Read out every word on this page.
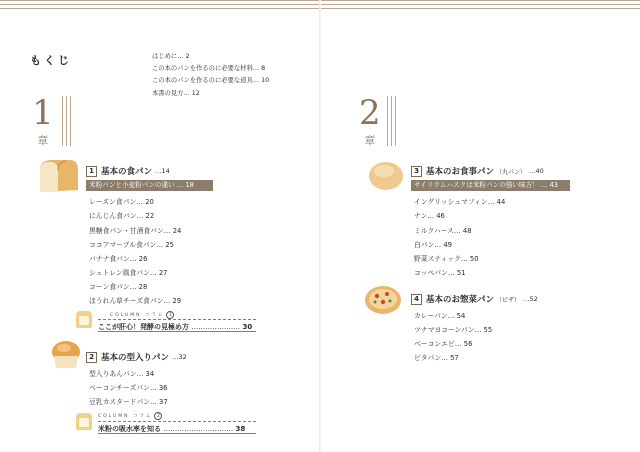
もくじ	はじめに… 2
この本のパンを作るのに必要な材料… 8
この本のパンを作るのに必要な道具… 10
本書の見方… 12
1
章
1 基本の食パン …14
米粉パンと小麦粉パンの違い … 18
レーズン食パン… 20
にんじん食パン… 22
黒糖食パン・甘酒食パン… 24
ココアマーブル食パン… 25
バナナ食パン… 26
シュトレン風食パン… 27
コーン食パン… 28
ほうれん草チーズ食パン… 29
COLUMN コラム 1
ここが肝心！発酵の見極め方 ………………… 30
2 基本の型入りパン …32
型入りあんパン… 34
ベーコンチーズパン… 36
豆乳カスタードパン… 37
COLUMN コラム 2
米粉の吸水率を知る ………………………… 38
2
章
3 基本のお食事パン （丸パン） …40
サイリウムハスクは米粉パンの強い味方！ … 43
イングリッシュマフィン… 44
ナン… 46
ミルクハース… 48
白パン… 49
野菜スティック… 50
コッペパン… 51
4 基本のお惣菜パン （ピザ） …52
カレーパン… 54
ツナマヨコーンパン… 55
ベーコンエピ… 56
ピタパン… 57
